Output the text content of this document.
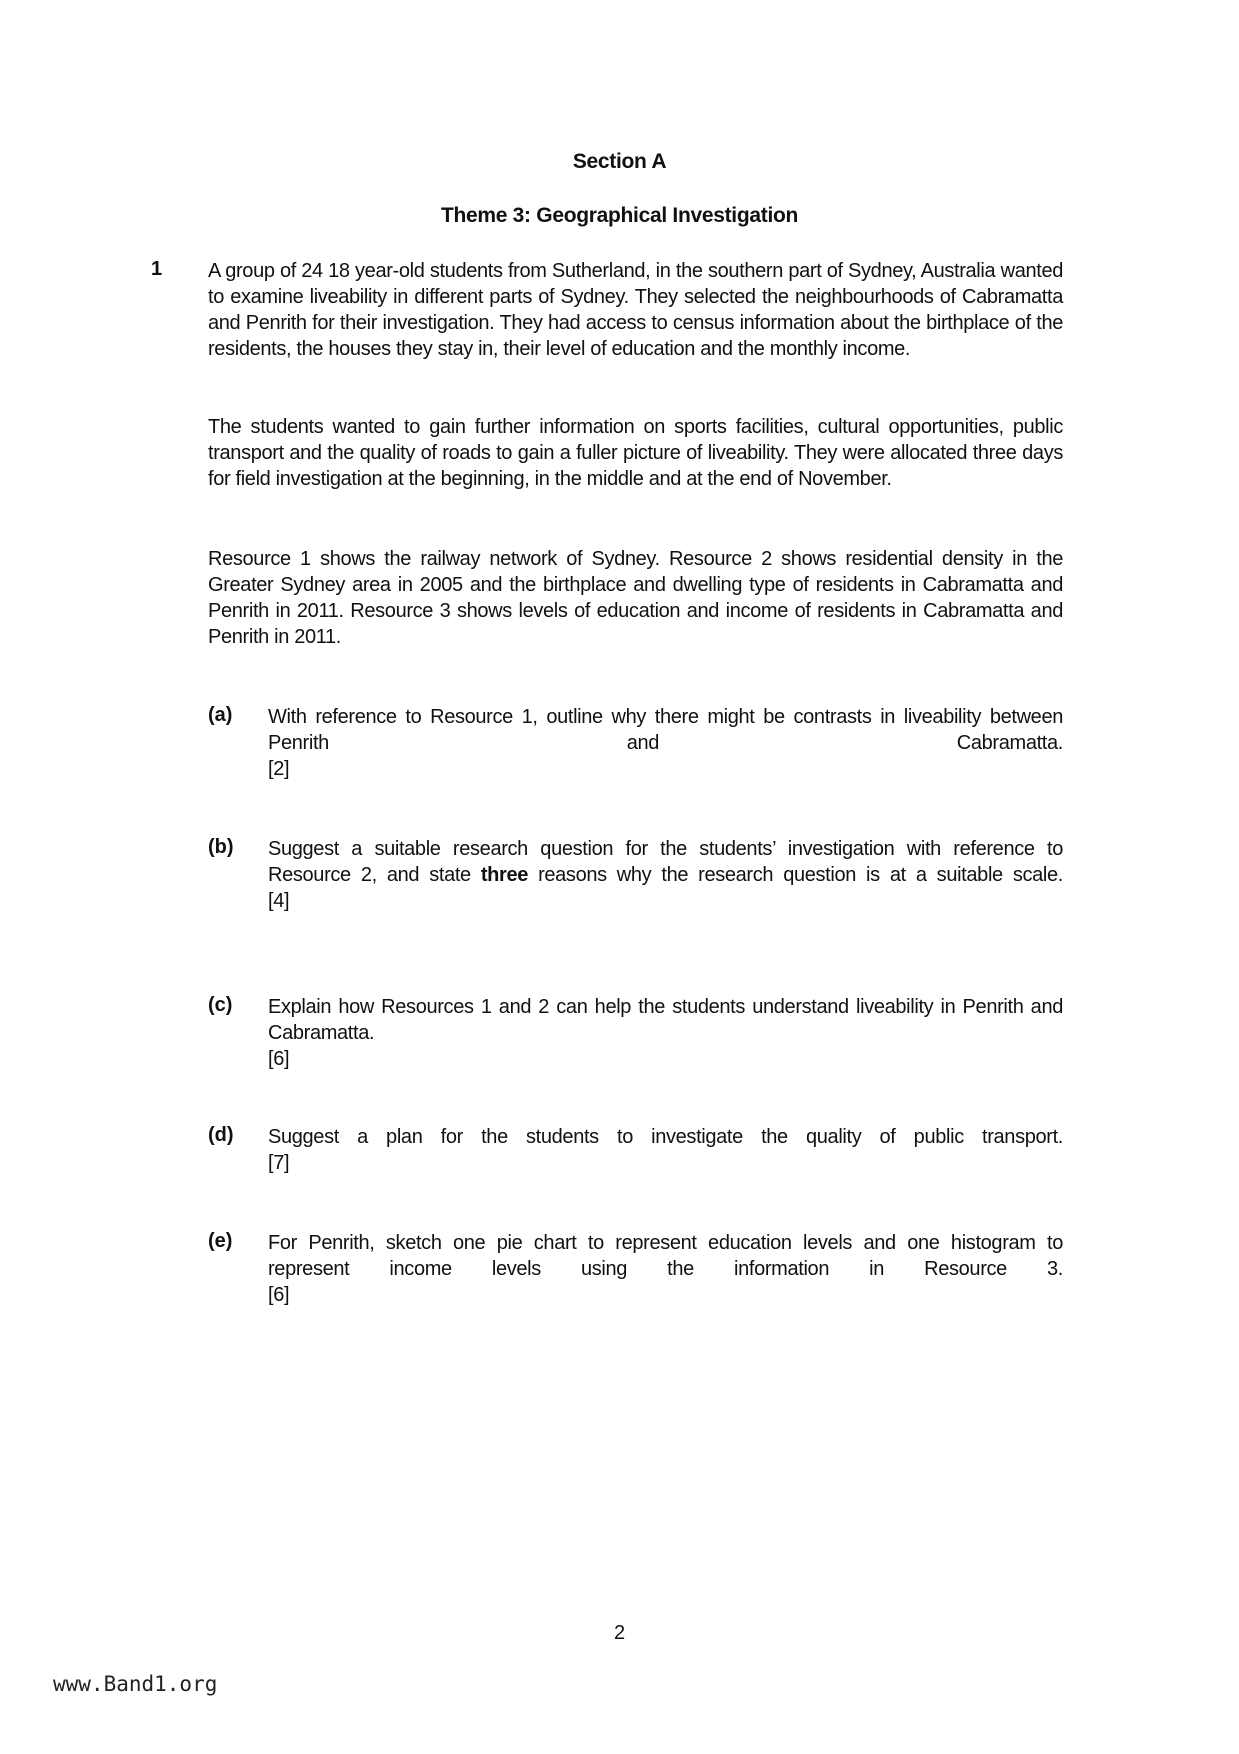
Section A
Theme 3: Geographical Investigation
1 A group of 24 18 year-old students from Sutherland, in the southern part of Sydney, Australia wanted to examine liveability in different parts of Sydney. They selected the neighbourhoods of Cabramatta and Penrith for their investigation. They had access to census information about the birthplace of the residents, the houses they stay in, their level of education and the monthly income.
The students wanted to gain further information on sports facilities, cultural opportunities, public transport and the quality of roads to gain a fuller picture of liveability. They were allocated three days for field investigation at the beginning, in the middle and at the end of November.
Resource 1 shows the railway network of Sydney. Resource 2 shows residential density in the Greater Sydney area in 2005 and the birthplace and dwelling type of residents in Cabramatta and Penrith in 2011. Resource 3 shows levels of education and income of residents in Cabramatta and Penrith in 2011.
(a) With reference to Resource 1, outline why there might be contrasts in liveability between Penrith and Cabramatta.
[2]
(b) Suggest a suitable research question for the students’ investigation with reference to Resource 2, and state three reasons why the research question is at a suitable scale.
[4]
(c) Explain how Resources 1 and 2 can help the students understand liveability in Penrith and Cabramatta.
[6]
(d) Suggest a plan for the students to investigate the quality of public transport.
[7]
(e) For Penrith, sketch one pie chart to represent education levels and one histogram to represent income levels using the information in Resource 3.
[6]
2
www.Band1.org
